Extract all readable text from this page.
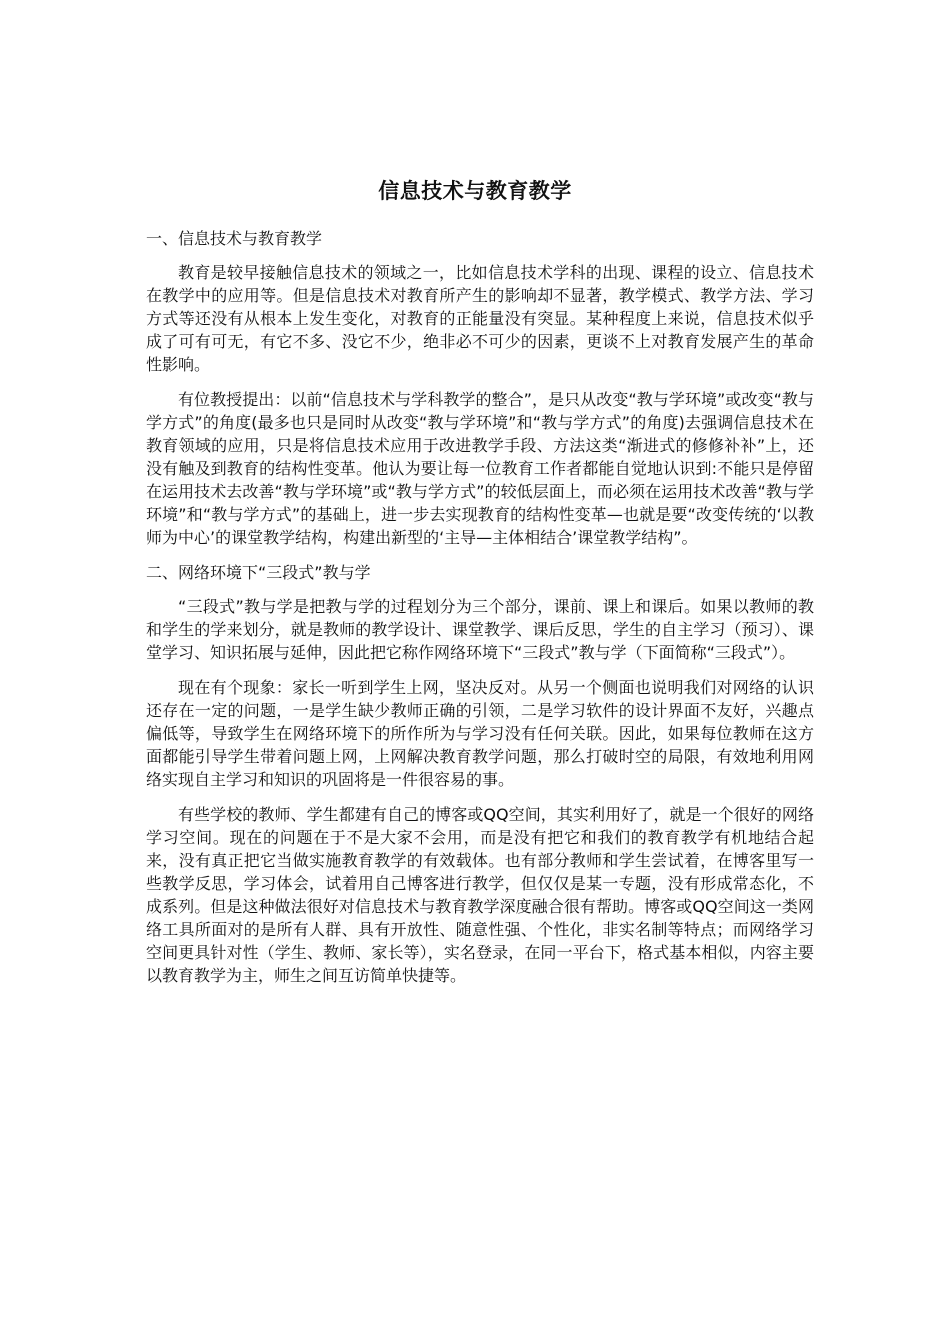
信息技术与教育教学
一、信息技术与教育教学
教育是较早接触信息技术的领域之一，比如信息技术学科的出现、课程的设立、信息技术在教学中的应用等。但是信息技术对教育所产生的影响却不显著，教学模式、教学方法、学习方式等还没有从根本上发生变化，对教育的正能量没有突显。某种程度上来说，信息技术似乎成了可有可无，有它不多、没它不少，绝非必不可少的因素，更谈不上对教育发展产生的革命性影响。
有位教授提出：以前“信息技术与学科教学的整合”，是只从改变“教与学环境”或改变“教与学方式”的角度(最多也只是同时从改变“教与学环境”和“教与学方式”的角度)去强调信息技术在教育领域的应用，只是将信息技术应用于改进教学手段、方法这类“渐进式的修修补补”上，还没有触及到教育的结构性变革。他认为要让每一位教育工作者都能自觉地认识到:不能只是停留在运用技术去改善“教与学环境”或“教与学方式”的较低层面上，而必须在运用技术改善“教与学环境”和“教与学方式”的基础上，进一步去实现教育的结构性变革—也就是要“改变传统的‘以教师为中心’的课堂教学结构，构建出新型的‘主导—主体相结合’课堂教学结构”。
二、网络环境下“三段式”教与学
“三段式”教与学是把教与学的过程划分为三个部分，课前、课上和课后。如果以教师的教和学生的学来划分，就是教师的教学设计、课堂教学、课后反思，学生的自主学习（预习）、课堂学习、知识拓展与延伸，因此把它称作网络环境下“三段式”教与学（下面简称“三段式”）。
现在有个现象：家长一听到学生上网，坚决反对。从另一个侧面也说明我们对网络的认识还存在一定的问题，一是学生缺少教师正确的引领，二是学习软件的设计界面不友好，兴趣点偏低等，导致学生在网络环境下的所作所为与学习没有任何关联。因此，如果每位教师在这方面都能引导学生带着问题上网，上网解决教育教学问题，那么打破时空的局限，有效地利用网络实现自主学习和知识的巩固将是一件很容易的事。
有些学校的教师、学生都建有自己的博客或QQ空间，其实利用好了，就是一个很好的网络学习空间。现在的问题在于不是大家不会用，而是没有把它和我们的教育教学有机地结合起来，没有真正把它当做实施教育教学的有效载体。也有部分教师和学生尝试着，在博客里写一些教学反思，学习体会，试着用自己博客进行教学，但仅仅是某一专题，没有形成常态化，不成系列。但是这种做法很好对信息技术与教育教学深度融合很有帮助。博客或QQ空间这一类网络工具所面对的是所有人群、具有开放性、随意性强、个性化，非实名制等特点；而网络学习空间更具针对性（学生、教师、家长等），实名登录，在同一平台下，格式基本相似，内容主要以教育教学为主，师生之间互访简单快捷等。
